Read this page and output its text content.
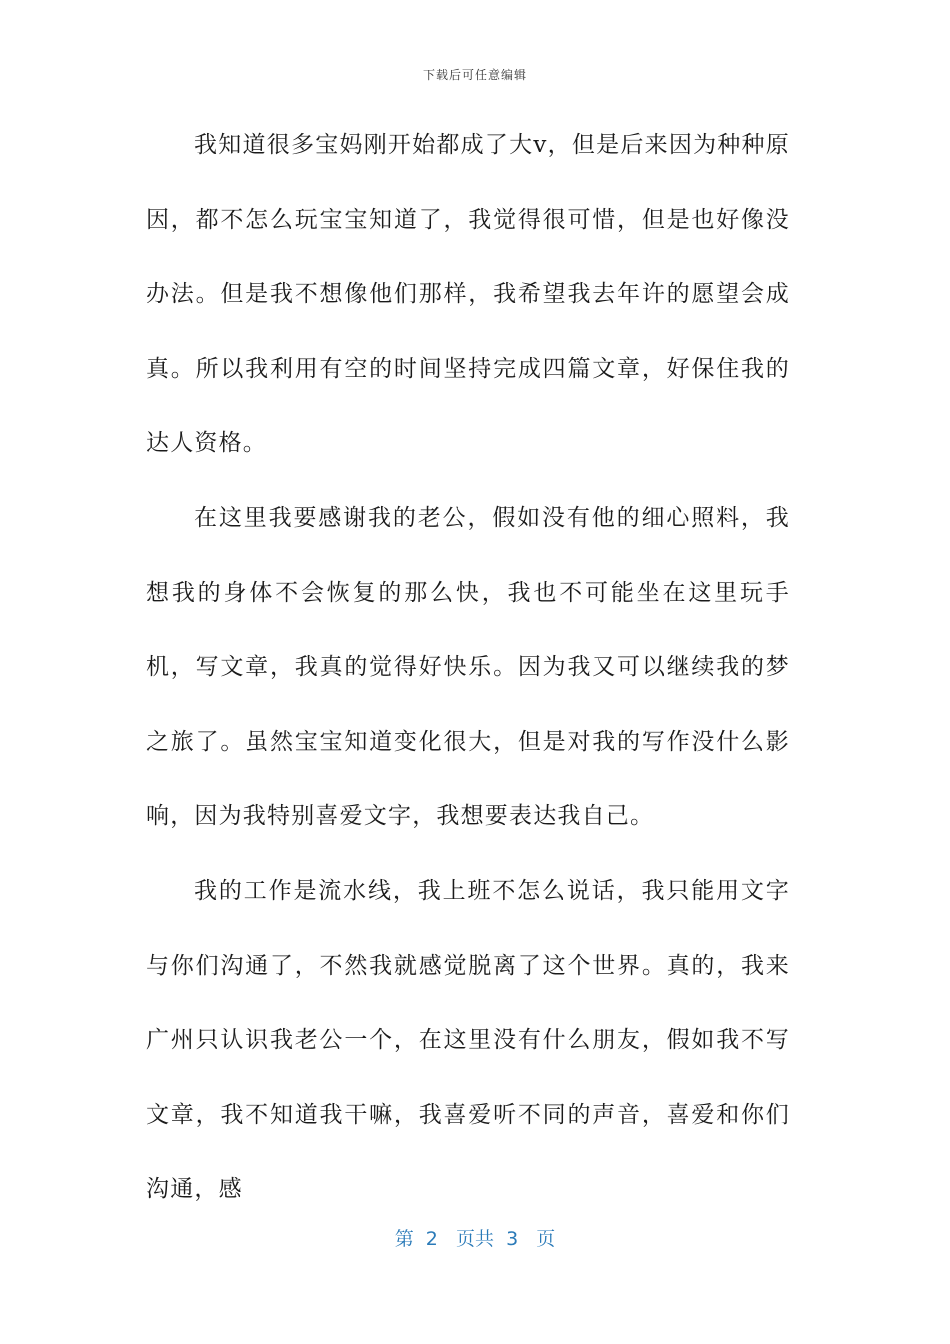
下载后可任意编辑

我知道很多宝妈刚开始都成了大v，但是后来因为种种原因，都不怎么玩宝宝知道了，我觉得很可惜，但是也好像没办法。但是我不想像他们那样，我希望我去年许的愿望会成真。所以我利用有空的时间坚持完成四篇文章，好保住我的达人资格。

在这里我要感谢我的老公，假如没有他的细心照料，我想我的身体不会恢复的那么快，我也不可能坐在这里玩手机，写文章，我真的觉得好快乐。因为我又可以继续我的梦之旅了。虽然宝宝知道变化很大，但是对我的写作没什么影响，因为我特别喜爱文字，我想要表达我自己。

我的工作是流水线，我上班不怎么说话，我只能用文字与你们沟通了，不然我就感觉脱离了这个世界。真的，我来广州只认识我老公一个，在这里没有什么朋友，假如我不写文章，我不知道我干嘛，我喜爱听不同的声音，喜爱和你们沟通，感

第  2   页共  3   页
